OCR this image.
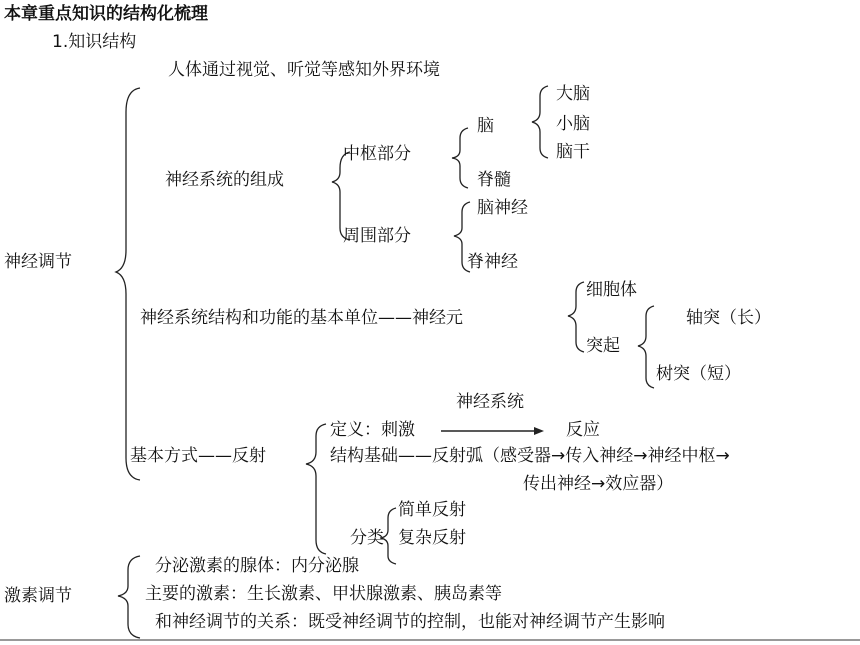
本章重点知识的结构化梳理
1.知识结构
人体通过视觉、听觉等感知外界环境
神经调节
神经系统的组成
中枢部分
脑
大脑
小脑
脑干
脊髓
周围部分
脑神经
脊神经
神经系统结构和功能的基本单位——神经元
细胞体
突起
轴突（长）
树突（短）
基本方式——反射
神经系统
定义：刺激	反应
结构基础——反射弧（感受器→传入神经→神经中枢→
传出神经→效应器）
分类
简单反射
复杂反射
激素调节
分泌激素的腺体：内分泌腺
主要的激素：生长激素、甲状腺激素、胰岛素等
和神经调节的关系：既受神经调节的控制，也能对神经调节产生影响
